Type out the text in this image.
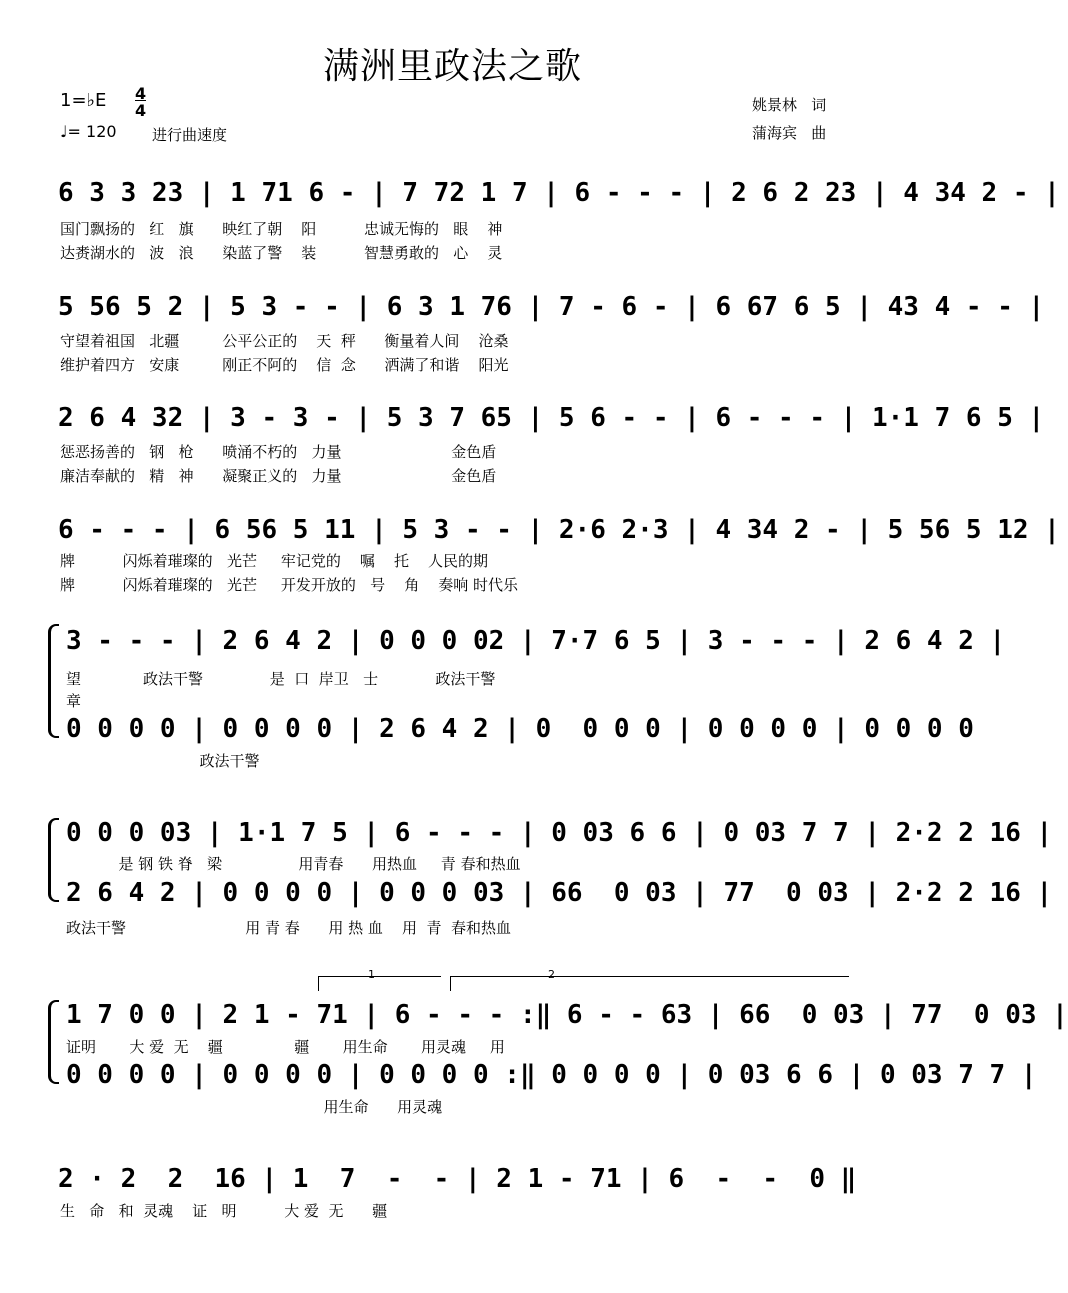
满洲里政法之歌
1=♭E 4
4
♩= 120 进行曲速度
姚景林   词
蒲海宾   曲
6 3 3 23 | 1 71 6 - | 7 72 1 7 | 6 - - - | 2 6 2 23 | 4 34 2 - |
国门飘扬的   红   旗      映红了朝    阳          忠诚无悔的   眼    神
达赉湖水的   波   浪      染蓝了警    装          智慧勇敢的   心    灵
5 56 5 2 | 5 3 - - | 6 3 1 76 | 7 - 6 - | 6 67 6 5 | 43 4 - - |
守望着祖国   北疆         公平公正的    天  秤      衡量着人间    沧桑
维护着四方   安康         刚正不阿的    信  念      洒满了和谐    阳光
2 6 4 32 | 3 - 3 - | 5 3 7 65 | 5 6 - - | 6 - - - | 1·1 7 6 5 |
惩恶扬善的   钢   枪      喷涌不朽的   力量                       金色盾
廉洁奉献的   精   神      凝聚正义的   力量                       金色盾
6 - - - | 6 56 5 11 | 5 3 - - | 2·6 2·3 | 4 34 2 - | 5 56 5 12 |
牌          闪烁着璀璨的   光芒     牢记党的    嘱    托    人民的期
牌          闪烁着璀璨的   光芒     开发开放的   号    角    奏响 时代乐
3 - - - | 2 6 4 2 | 0 0 0 02 | 7·7 6 5 | 3 - - - | 2 6 4 2 |
望             政法干警              是  口  岸卫   士            政法干警
章
0 0 0 0 | 0 0 0 0 | 2 6 4 2 | 0  0 0 0 | 0 0 0 0 | 0 0 0 0
政法干警
0 0 0 03 | 1·1 7 5 | 6 - - - | 0 03 6 6 | 0 03 7 7 | 2·2 2 16 |
是 钢 铁 脊   梁                用青春      用热血     青 春和热血
2 6 4 2 | 0 0 0 0 | 0 0 0 03 | 66  0 03 | 77  0 03 | 2·2 2 16 |
政法干警                         用 青 春      用 热 血    用  青  春和热血
1	2
1 7 0 0 | 2 1 - 71 | 6 - - - :‖ 6 - - 63 | 66  0 03 | 77  0 03 |
证明       大 爱  无    疆               疆       用生命       用灵魂     用
0 0 0 0 | 0 0 0 0 | 0 0 0 0 :‖ 0 0 0 0 | 0 03 6 6 | 0 03 7 7 |
用生命      用灵魂
2 · 2  2  16 | 1  7  -  - | 2 1 - 71 | 6  -  -  0 ‖
生   命   和  灵魂    证   明          大 爱  无      疆
